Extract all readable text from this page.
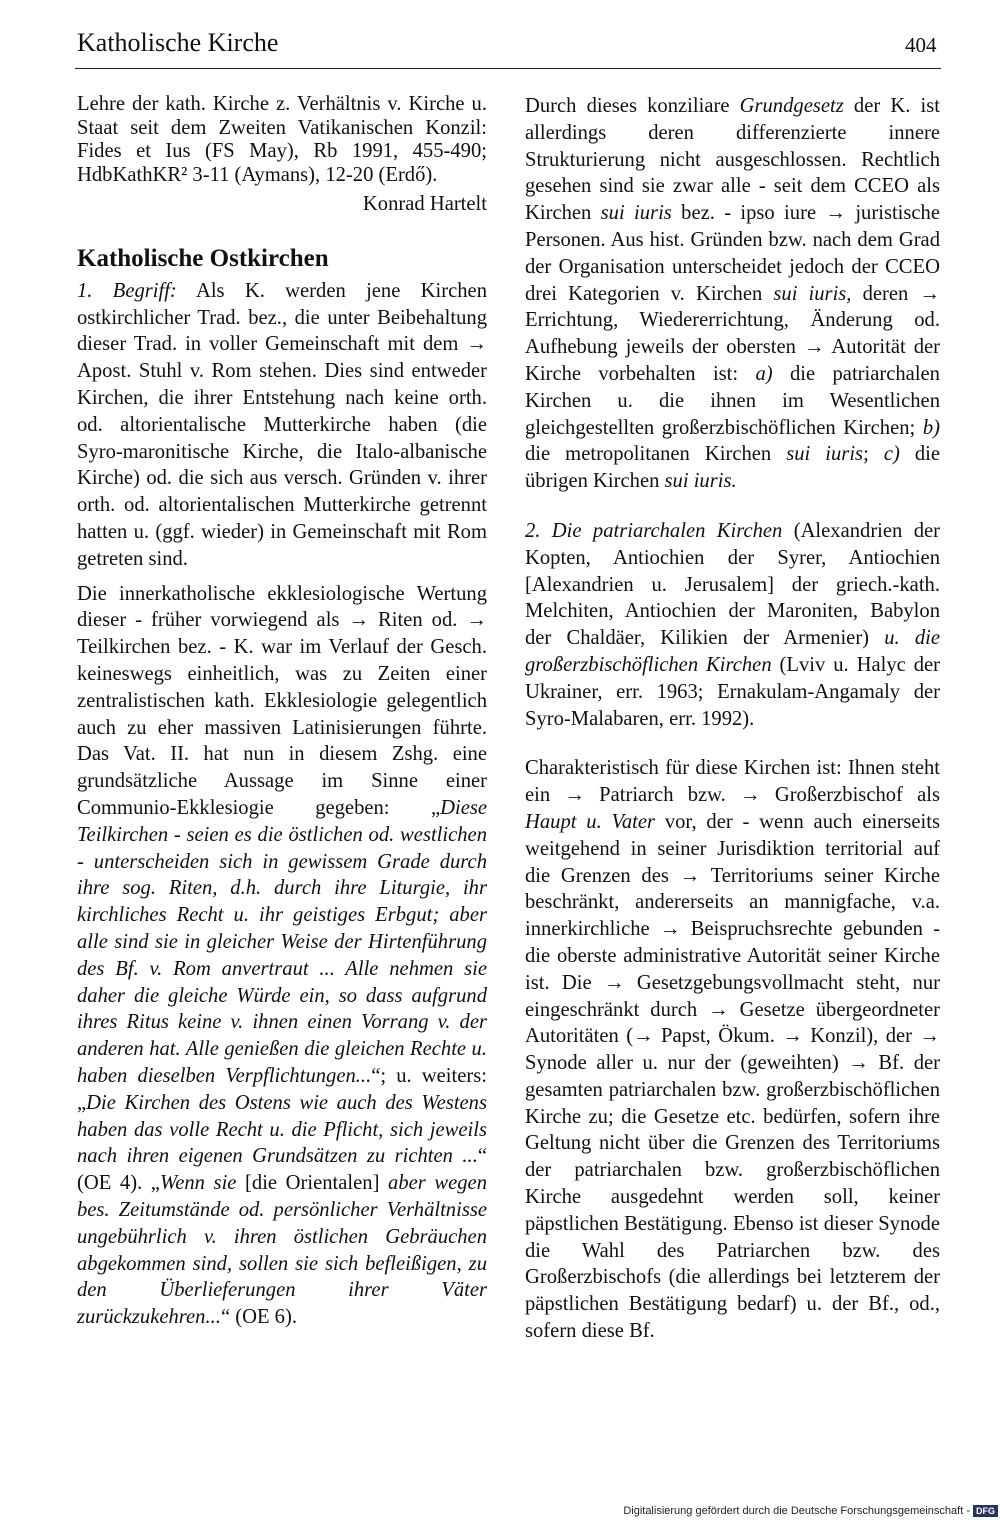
Katholische Kirche	404

Lehre der kath. Kirche z. Verhältnis v. Kirche u. Staat seit dem Zweiten Vatikanischen Konzil: Fides et Ius (FS May), Rb 1991, 455-490; HdbKathKR² 3-11 (Aymans), 12-20 (Erdő).

Konrad Hartelt
Katholische Ostkirchen

1. Begriff: Als K. werden jene Kirchen ostkirchlicher Trad. bez., die unter Beibehaltung dieser Trad. in voller Gemeinschaft mit dem → Apost. Stuhl v. Rom stehen. Dies sind entweder Kirchen, die ihrer Entstehung nach keine orth. od. altorientalische Mutterkirche haben (die Syro-maronitische Kirche, die Italo-albanische Kirche) od. die sich aus versch. Gründen v. ihrer orth. od. altorientalischen Mutterkirche getrennt hatten u. (ggf. wieder) in Gemeinschaft mit Rom getreten sind.

Die innerkatholische ekklesiologische Wertung dieser - früher vorwiegend als → Riten od. → Teilkirchen bez. - K. war im Verlauf der Gesch. keineswegs einheitlich, was zu Zeiten einer zentralistischen kath. Ekklesiologie gelegentlich auch zu eher massiven Latinisierungen führte. Das Vat. II. hat nun in diesem Zshg. eine grundsätzliche Aussage im Sinne einer Communio-Ekklesiogie gegeben: „Diese Teilkirchen - seien es die östlichen od. westlichen - unterscheiden sich in gewissem Grade durch ihre sog. Riten, d.h. durch ihre Liturgie, ihr kirchliches Recht u. ihr geistiges Erbgut; aber alle sind sie in gleicher Weise der Hirtenführung des Bf. v. Rom anvertraut ... Alle nehmen sie daher die gleiche Würde ein, so dass aufgrund ihres Ritus keine v. ihnen einen Vorrang v. der anderen hat. Alle genießen die gleichen Rechte u. haben dieselben Verpflichtungen...“; u. weiters: „Die Kirchen des Ostens wie auch des Westens haben das volle Recht u. die Pflicht, sich jeweils nach ihren eigenen Grundsätzen zu richten ...“ (OE 4). „Wenn sie [die Orientalen] aber wegen bes. Zeitumstände od. persönlicher Verhältnisse ungebührlich v. ihren östlichen Gebräuchen abgekommen sind, sollen sie sich befleißigen, zu den Überlieferungen ihrer Väter zurückzukehren...“ (OE 6).

Durch dieses konziliare Grundgesetz der K. ist allerdings deren differenzierte innere Strukturierung nicht ausgeschlossen. Rechtlich gesehen sind sie zwar alle - seit dem CCEO als Kirchen sui iuris bez. - ipso iure → juristische Personen. Aus hist. Gründen bzw. nach dem Grad der Organisation unterscheidet jedoch der CCEO drei Kategorien v. Kirchen sui iuris, deren → Errichtung, Wiedererrichtung, Änderung od. Aufhebung jeweils der obersten → Autorität der Kirche vorbehalten ist: a) die patriarchalen Kirchen u. die ihnen im Wesentlichen gleichgestellten großerzbischöflichen Kirchen; b) die metropolitanen Kirchen sui iuris; c) die übrigen Kirchen sui iuris.

2. Die patriarchalen Kirchen (Alexandrien der Kopten, Antiochien der Syrer, Antiochien [Alexandrien u. Jerusalem] der griech.-kath. Melchiten, Antiochien der Maroniten, Babylon der Chaldäer, Kilikien der Armenier) u. die großerzbischöflichen Kirchen (Lviv u. Halyc der Ukrainer, err. 1963; Ernakulam-Angamaly der Syro-Malabaren, err. 1992).

Charakteristisch für diese Kirchen ist: Ihnen steht ein → Patriarch bzw. → Großerzbischof als Haupt u. Vater vor, der - wenn auch einerseits weitgehend in seiner Jurisdiktion territorial auf die Grenzen des → Territoriums seiner Kirche beschränkt, andererseits an mannigfache, v.a. innerkirchliche → Beispruchsrechte gebunden - die oberste administrative Autorität seiner Kirche ist. Die → Gesetzgebungsvollmacht steht, nur eingeschränkt durch → Gesetze übergeordneter Autoritäten (→ Papst, Ökum. → Konzil), der → Synode aller u. nur der (geweihten) → Bf. der gesamten patriarchalen bzw. großerzbischöflichen Kirche zu; die Gesetze etc. bedürfen, sofern ihre Geltung nicht über die Grenzen des Territoriums der patriarchalen bzw. großerzbischöflichen Kirche ausgedehnt werden soll, keiner päpstlichen Bestätigung. Ebenso ist dieser Synode die Wahl des Patriarchen bzw. des Großerzbischofs (die allerdings bei letzterem der päpstlichen Bestätigung bedarf) u. der Bf., od., sofern diese Bf.

Digitalisierung gefördert durch die Deutsche Forschungsgemeinschaft - DFG
